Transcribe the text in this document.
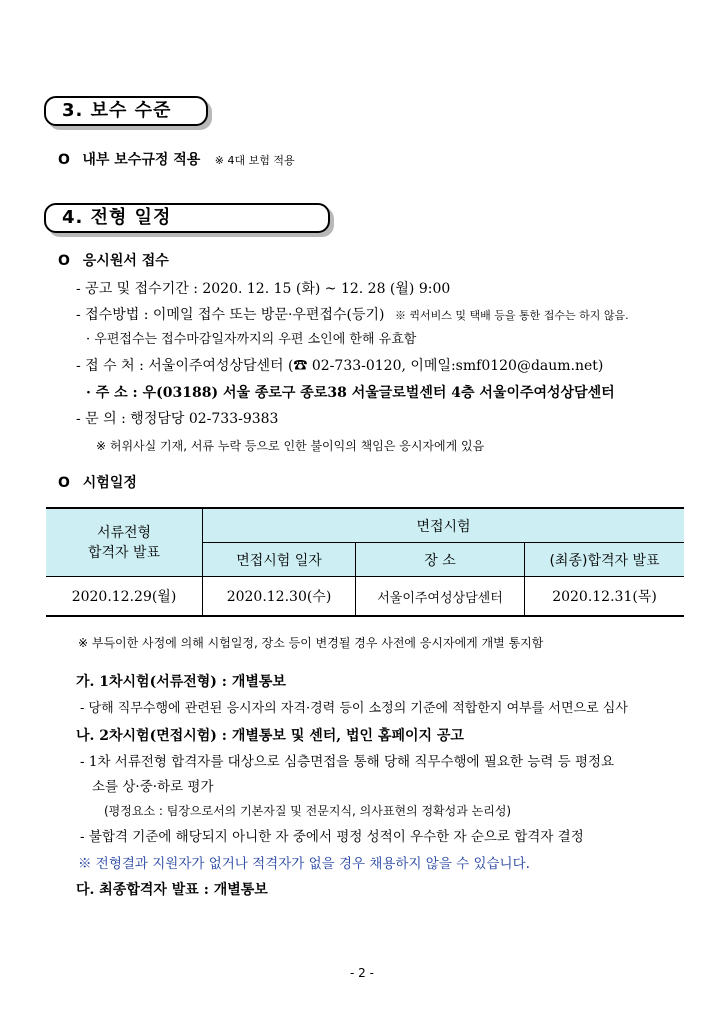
3. 보수 수준
O 내부 보수규정 적용 ※ 4대 보험 적용
4. 전형 일정
O 응시원서 접수
- 공고 및 접수기간 : 2020. 12. 15 (화) ~ 12. 28 (월) 9:00
- 접수방법 : 이메일 접수 또는 방문·우편접수(등기) ※ 퀵서비스 및 택배 등을 통한 접수는 하지 않음.
· 우편접수는 접수마감일자까지의 우편 소인에 한해 유효함
- 접 수 처 : 서울이주여성상담센터 (☎ 02-733-0120, 이메일:smf0120@daum.net)
· 주 소 : 우(03188) 서울 종로구 종로38 서울글로벌센터 4층 서울이주여성상담센터
- 문 의 : 행정담당 02-733-9383
※ 허위사실 기재, 서류 누락 등으로 인한 불이익의 책임은 응시자에게 있음
O 시험일정
서류전형
합격자 발표	면접시험		
	면접시험 일자	장 소	(최종)합격자 발표
2020.12.29(월)	2020.12.30(수)	서울이주여성상담센터	2020.12.31(목)
※ 부득이한 사정에 의해 시험일정, 장소 등이 변경될 경우 사전에 응시자에게 개별 통지함
가. 1차시험(서류전형) : 개별통보
- 당해 직무수행에 관련된 응시자의 자격·경력 등이 소정의 기준에 적합한지 여부를 서면으로 심사
나. 2차시험(면접시험) : 개별통보 및 센터, 법인 홈페이지 공고
- 1차 서류전형 합격자를 대상으로 심층면접을 통해 당해 직무수행에 필요한 능력 등 평정요
소를 상·중·하로 평가
(평정요소 : 팀장으로서의 기본자질 및 전문지식, 의사표현의 정확성과 논리성)
- 불합격 기준에 해당되지 아니한 자 중에서 평정 성적이 우수한 자 순으로 합격자 결정
※ 전형결과 지원자가 없거나 적격자가 없을 경우 채용하지 않을 수 있습니다.
다. 최종합격자 발표 : 개별통보
- 2 -
